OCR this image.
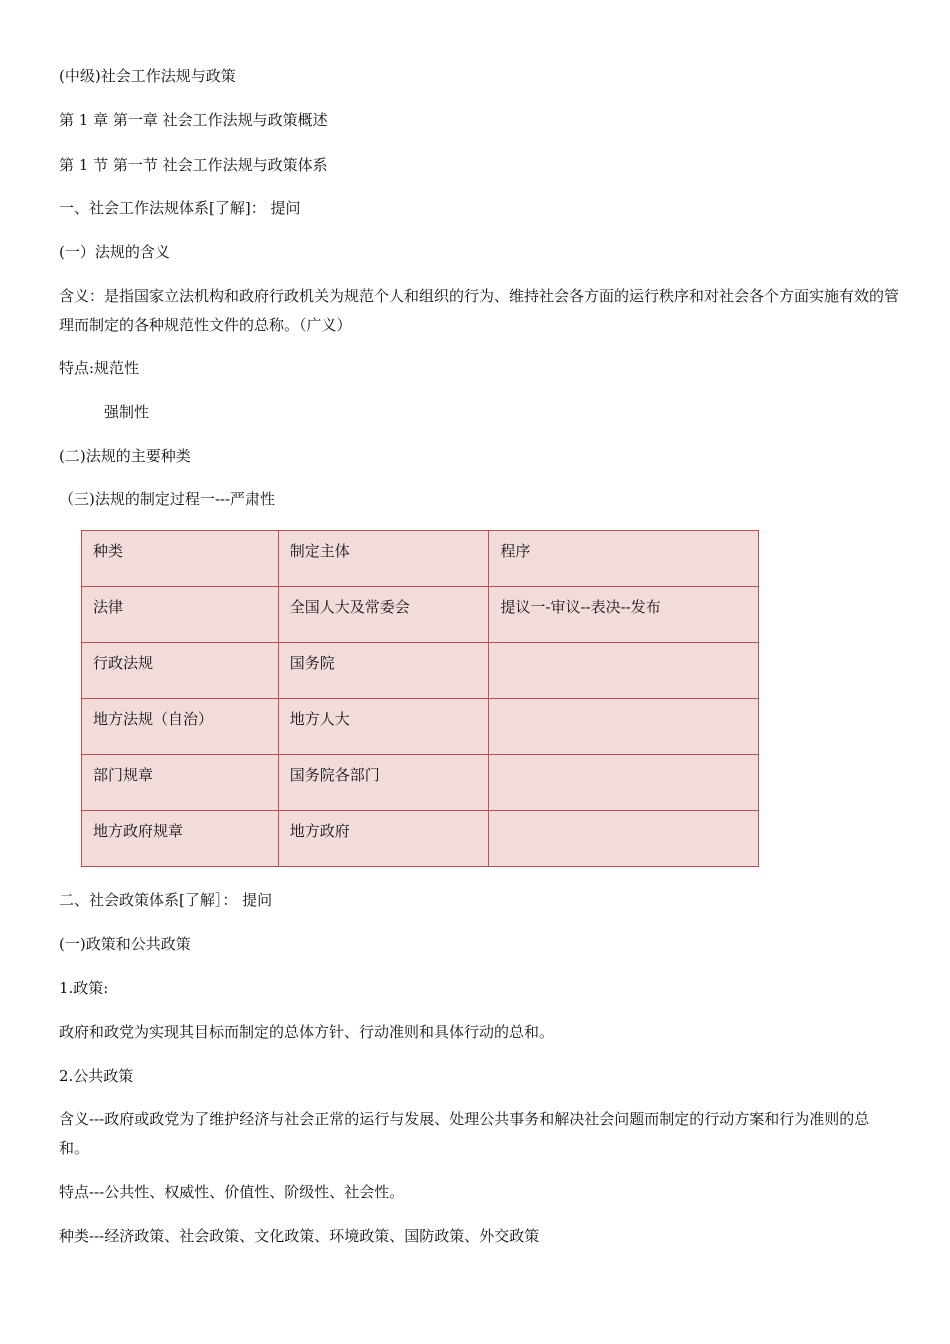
(中级)社会工作法规与政策
第 1 章 第一章 社会工作法规与政策概述
第 1 节 第一节 社会工作法规与政策体系
一、社会工作法规体系[了解]： 提问
(一）法规的含义
含义：是指国家立法机构和政府行政机关为规范个人和组织的行为、维持社会各方面的运行秩序和对社会各个方面实施有效的管理而制定的各种规范性文件的总称。（广义）
特点:规范性
强制性
(二)法规的主要种类
（三)法规的制定过程一---严肃性
种类	制定主体	程序
法律	全国人大及常委会	提议一-审议--表决--发布
行政法规	国务院	
地方法规（自治）	地方人大	
部门规章	国务院各部门	
地方政府规章	地方政府	
二、社会政策体系[了解］： 提问
(一)政策和公共政策
1.政策:
政府和政党为实现其目标而制定的总体方针、行动准则和具体行动的总和。
2.公共政策
含义---政府或政党为了维护经济与社会正常的运行与发展、处理公共事务和解决社会问题而制定的行动方案和行为准则的总和。
特点---公共性、权威性、价值性、阶级性、社会性。
种类---经济政策、社会政策、文化政策、环境政策、国防政策、外交政策
